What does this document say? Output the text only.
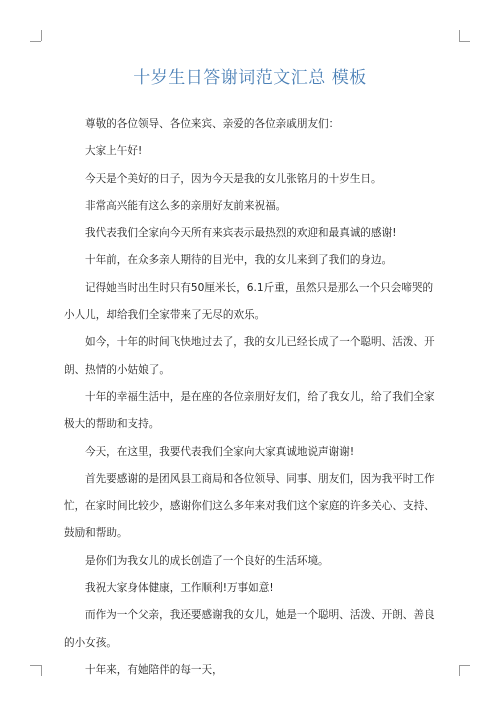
十岁生日答谢词范文汇总 模板

尊敬的各位领导、各位来宾、亲爱的各位亲戚朋友们：

大家上午好!

今天是个美好的日子，因为今天是我的女儿张铭月的十岁生日。

非常高兴能有这么多的亲朋好友前来祝福。

我代表我们全家向今天所有来宾表示最热烈的欢迎和最真诚的感谢!

十年前，在众多亲人期待的目光中，我的女儿来到了我们的身边。

记得她当时出生时只有50厘米长，6.1斤重，虽然只是那么一个只会啼哭的小人儿，却给我们全家带来了无尽的欢乐。

如今，十年的时间飞快地过去了，我的女儿已经长成了一个聪明、活泼、开朗、热情的小姑娘了。

十年的幸福生活中，是在座的各位亲朋好友们，给了我女儿，给了我们全家极大的帮助和支持。

今天，在这里，我要代表我们全家向大家真诚地说声谢谢!

首先要感谢的是团风县工商局和各位领导、同事、朋友们，因为我平时工作忙，在家时间比较少，感谢你们这么多年来对我们这个家庭的许多关心、支持、鼓励和帮助。

是你们为我女儿的成长创造了一个良好的生活环境。

我祝大家身体健康，工作顺利!万事如意!

而作为一个父亲，我还要感谢我的女儿，她是一个聪明、活泼、开朗、善良的小女孩。

十年来，有她陪伴的每一天，
